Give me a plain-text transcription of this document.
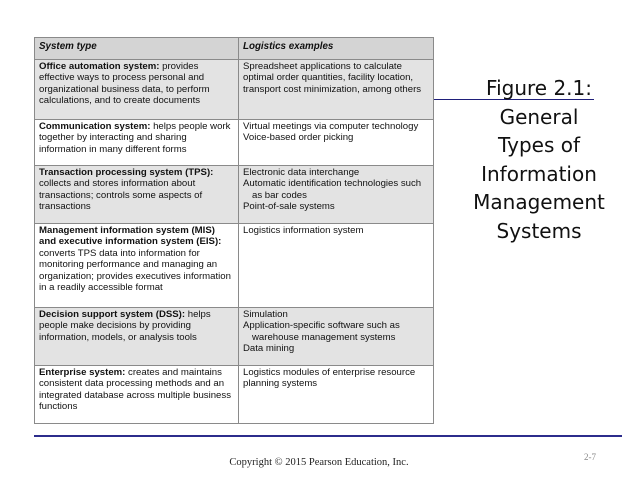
System type	Logistics examples
Office automation system: provides effective ways to process personal and organizational business data, to perform calculations, and to create documents	Spreadsheet applications to calculate optimal order quantities, facility location, transport cost minimization, among others

Communication system: helps people work together by interacting and sharing information in many different forms	Virtual meetings via computer technology
Voice-based order picking

Transaction processing system (TPS): collects and stores information about transactions; controls some aspects of transactions	Electronic data interchange
Automatic identification technologies such
as bar codes
Point-of-sale systems

Management information system (MIS) and executive information system (EIS): converts TPS data into information for monitoring performance and managing an organization; provides executives information in a readily accessible format	Logistics information system

Decision support system (DSS): helps people make decisions by providing information, models, or analysis tools	Simulation
Application-specific software such as
warehouse management systems
Data mining

Enterprise system: creates and maintains consistent data processing methods and an integrated database across multiple business functions	Logistics modules of enterprise resource planning systems
Figure 2.1:
General
Types of
Information
Management
Systems
2-7
Copyright © 2015 Pearson Education, Inc.
